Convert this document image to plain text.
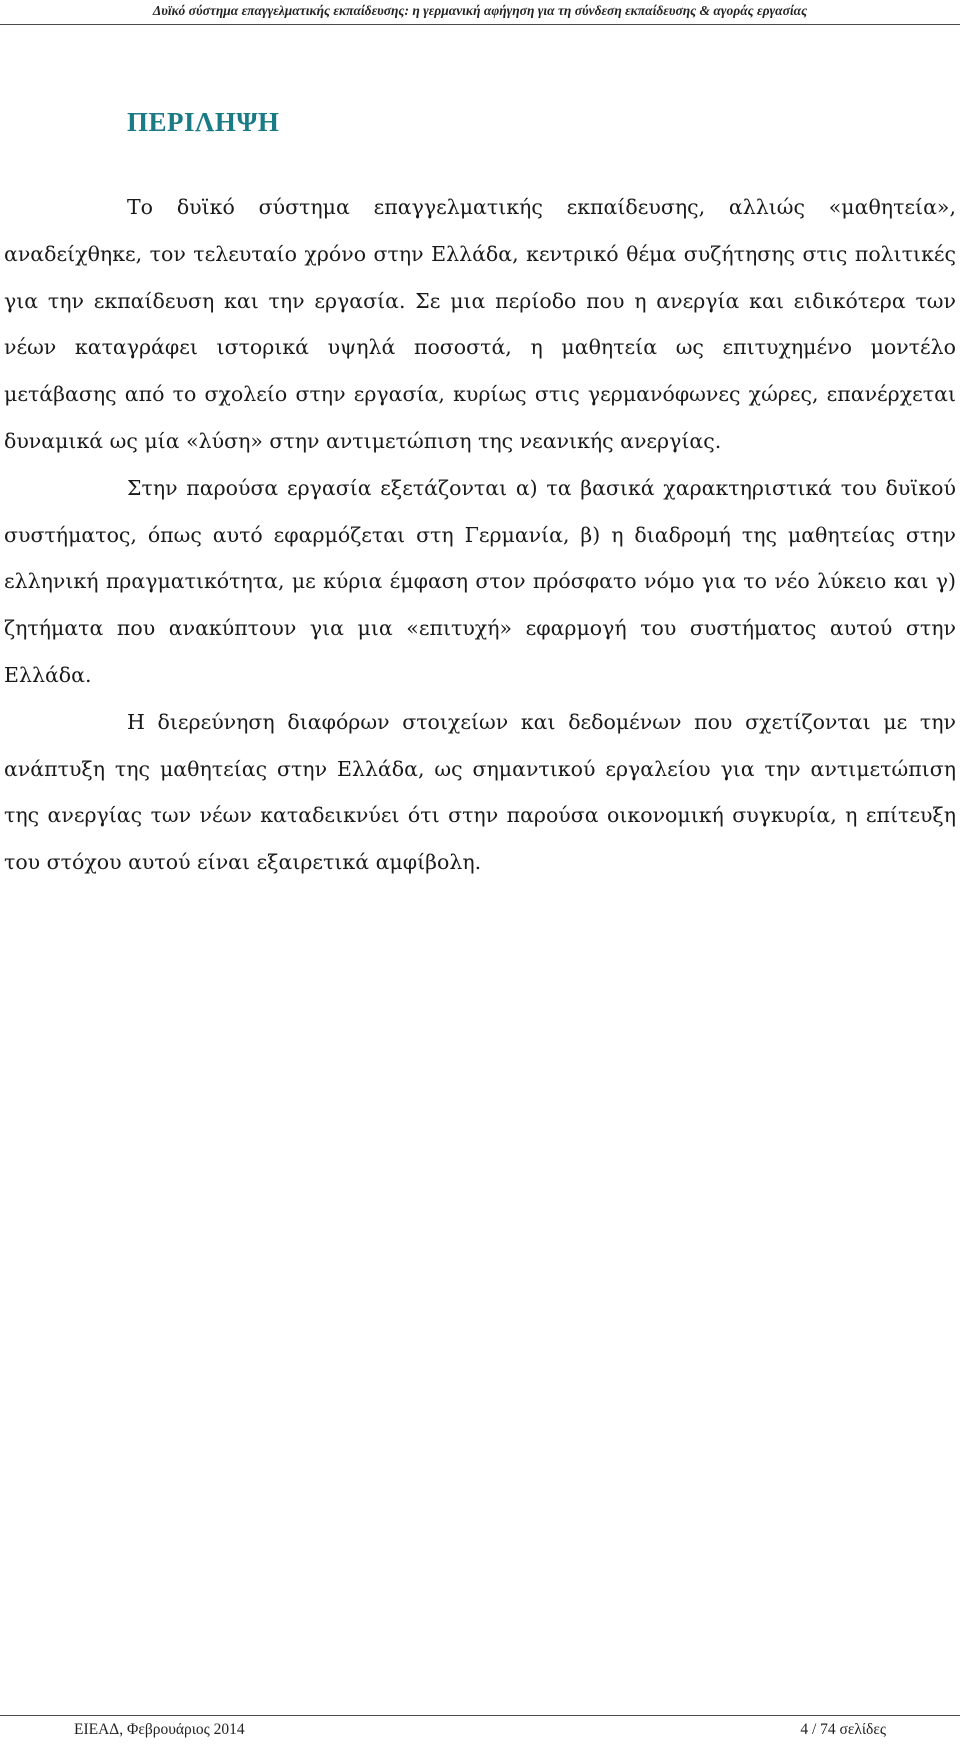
Δυϊκό σύστημα επαγγελματικής εκπαίδευσης: η γερμανική αφήγηση για τη σύνδεση εκπαίδευσης & αγοράς εργασίας
ΠΕΡΙΛΗΨΗ

Το δυϊκό σύστημα επαγγελματικής εκπαίδευσης, αλλιώς «μαθητεία», αναδείχθηκε, τον τελευταίο χρόνο στην Ελλάδα, κεντρικό θέμα συζήτησης στις πολιτικές για την εκπαίδευση και την εργασία. Σε μια περίοδο που η ανεργία και ειδικότερα των νέων καταγράφει ιστορικά υψηλά ποσοστά, η μαθητεία ως επιτυχημένο μοντέλο μετάβασης από το σχολείο στην εργασία, κυρίως στις γερμανόφωνες χώρες, επανέρχεται δυναμικά ως μία «λύση» στην αντιμετώπιση της νεανικής ανεργίας.

Στην παρούσα εργασία εξετάζονται α) τα βασικά χαρακτηριστικά του δυϊκού συστήματος, όπως αυτό εφαρμόζεται στη Γερμανία, β) η διαδρομή της μαθητείας στην ελληνική πραγματικότητα, με κύρια έμφαση στον πρόσφατο νόμο για το νέο λύκειο και γ) ζητήματα που ανακύπτουν για μια «επιτυχή» εφαρμογή του συστήματος αυτού στην Ελλάδα.

Η διερεύνηση διαφόρων στοιχείων και δεδομένων που σχετίζονται με την ανάπτυξη της μαθητείας στην Ελλάδα, ως σημαντικού εργαλείου για την αντιμετώπιση της ανεργίας των νέων καταδεικνύει ότι στην παρούσα οικονομική συγκυρία, η επίτευξη του στόχου αυτού είναι εξαιρετικά αμφίβολη.

ΕΙΕΑΔ, Φεβρουάριος 2014	4 / 74 σελίδες
